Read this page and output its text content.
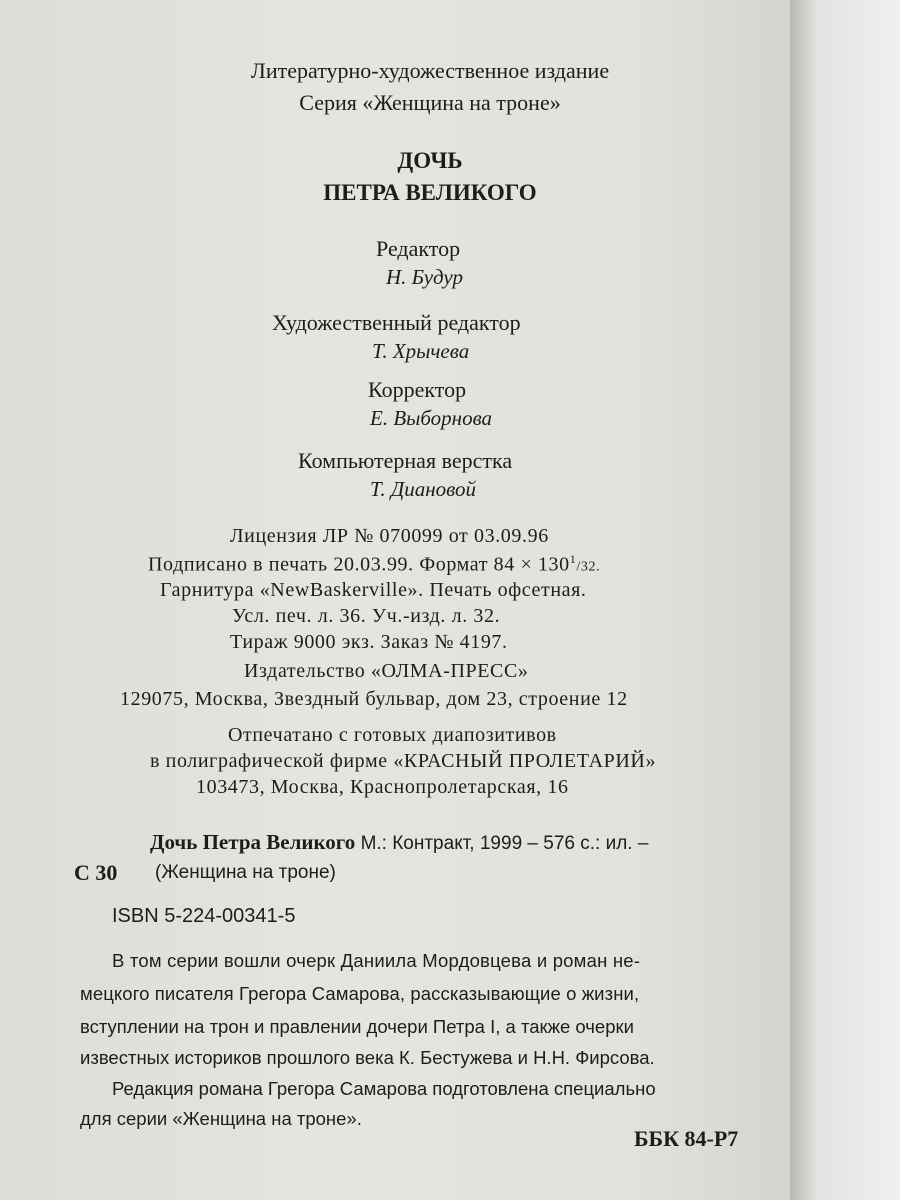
Литературно-художественное издание
Серия «Женщина на троне»
ДОЧЬ
ПЕТРА ВЕЛИКОГО
Редактор
Н. Будур
Художественный редактор
Т. Хрычева
Корректор
Е. Выборнова
Компьютерная верстка
Т. Диановой
Лицензия ЛР № 070099 от 03.09.96
Подписано в печать 20.03.99. Формат $84 \times 130^1/32$.
Гарнитура «NewBaskerville». Печать офсетная.
Усл. печ. л. 36. Уч.-изд. л. 32.
Тираж 9000 экз. Заказ № 4197.
Издательство «ОЛМА-ПРЕСС»
129075, Москва, Звездный бульвар, дом 23, строение 12
Отпечатано с готовых диапозитивов
в полиграфической фирме «КРАСНЫЙ ПРОЛЕТАРИЙ»
103473, Москва, Краснопролетарская, 16
Дочь Петра Великого М.: Контракт, 1999 – 576 с.: ил. –
С 30 (Женщина на троне)
ISBN 5-224-00341-5
В том серии вошли очерк Даниила Мордовцева и роман не-
мецкого писателя Грегора Самарова, рассказывающие о жизни,
вступлении на трон и правлении дочери Петра I, а также очерки
известных историков прошлого века К. Бестужева и Н.Н. Фирсова.
Редакция романа Грегора Самарова подготовлена специально
для серии «Женщина на троне».
ББК 84-Р7
